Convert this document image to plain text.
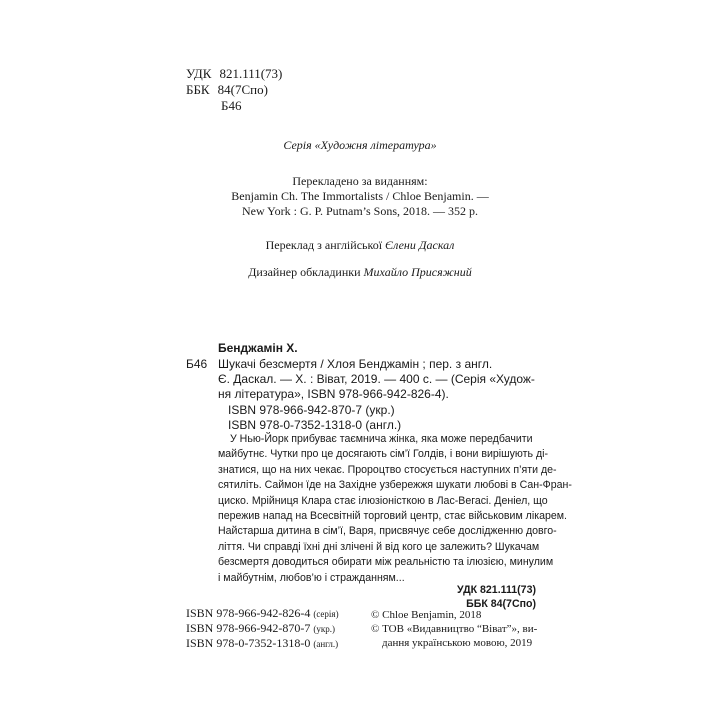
УДК 821.111(73)
ББК 84(7Спо)
Б46
Серія «Художня література»
Перекладено за виданням:
Benjamin Ch. The Immortalists / Chloe Benjamin. —
New York : G. P. Putnam’s Sons, 2018. — 352 p.
Переклад з англійської Єлени Даскал
Дизайнер обкладинки Михайло Присяжний
Бенджамін Х.
Б46 Шукачі безсмертя / Хлоя Бенджамін ; пер. з англ.
Є. Даскал. — Х. : Віват, 2019. — 400 с. — (Серія «Худож-
ня література», ISBN 978-966-942-826-4).
ISBN 978-966-942-870-7 (укр.)
ISBN 978-0-7352-1318-0 (англ.)
У Нью-Йорк прибуває таємнича жінка, яка може передбачити
майбутнє. Чутки про це досягають сім’ї Голдів, і вони вирішують ді-
знатися, що на них чекає. Пророцтво стосується наступних п’яти де-
сятиліть. Саймон їде на Західне узбережжя шукати любові в Сан-Фран-
циско. Мрійниця Клара стає ілюзіоністкою в Лас-Вегасі. Деніел, що
пережив напад на Всесвітній торговий центр, стає військовим лікарем.
Найстарша дитина в сім’ї, Варя, присвячує себе дослідженню довго-
ліття. Чи справді їхні дні злічені й від кого це залежить? Шукачам
безсмертя доводиться обирати між реальністю та ілюзією, минулим
і майбутнім, любов’ю і стражданням...
УДК 821.111(73)
ББК 84(7Спо)
ISBN 978-966-942-826-4 (серія)
ISBN 978-966-942-870-7 (укр.)
ISBN 978-0-7352-1318-0 (англ.)
© Chloe Benjamin, 2018
© ТОВ «Видавництво “Віват”», ви-
дання українською мовою, 2019
